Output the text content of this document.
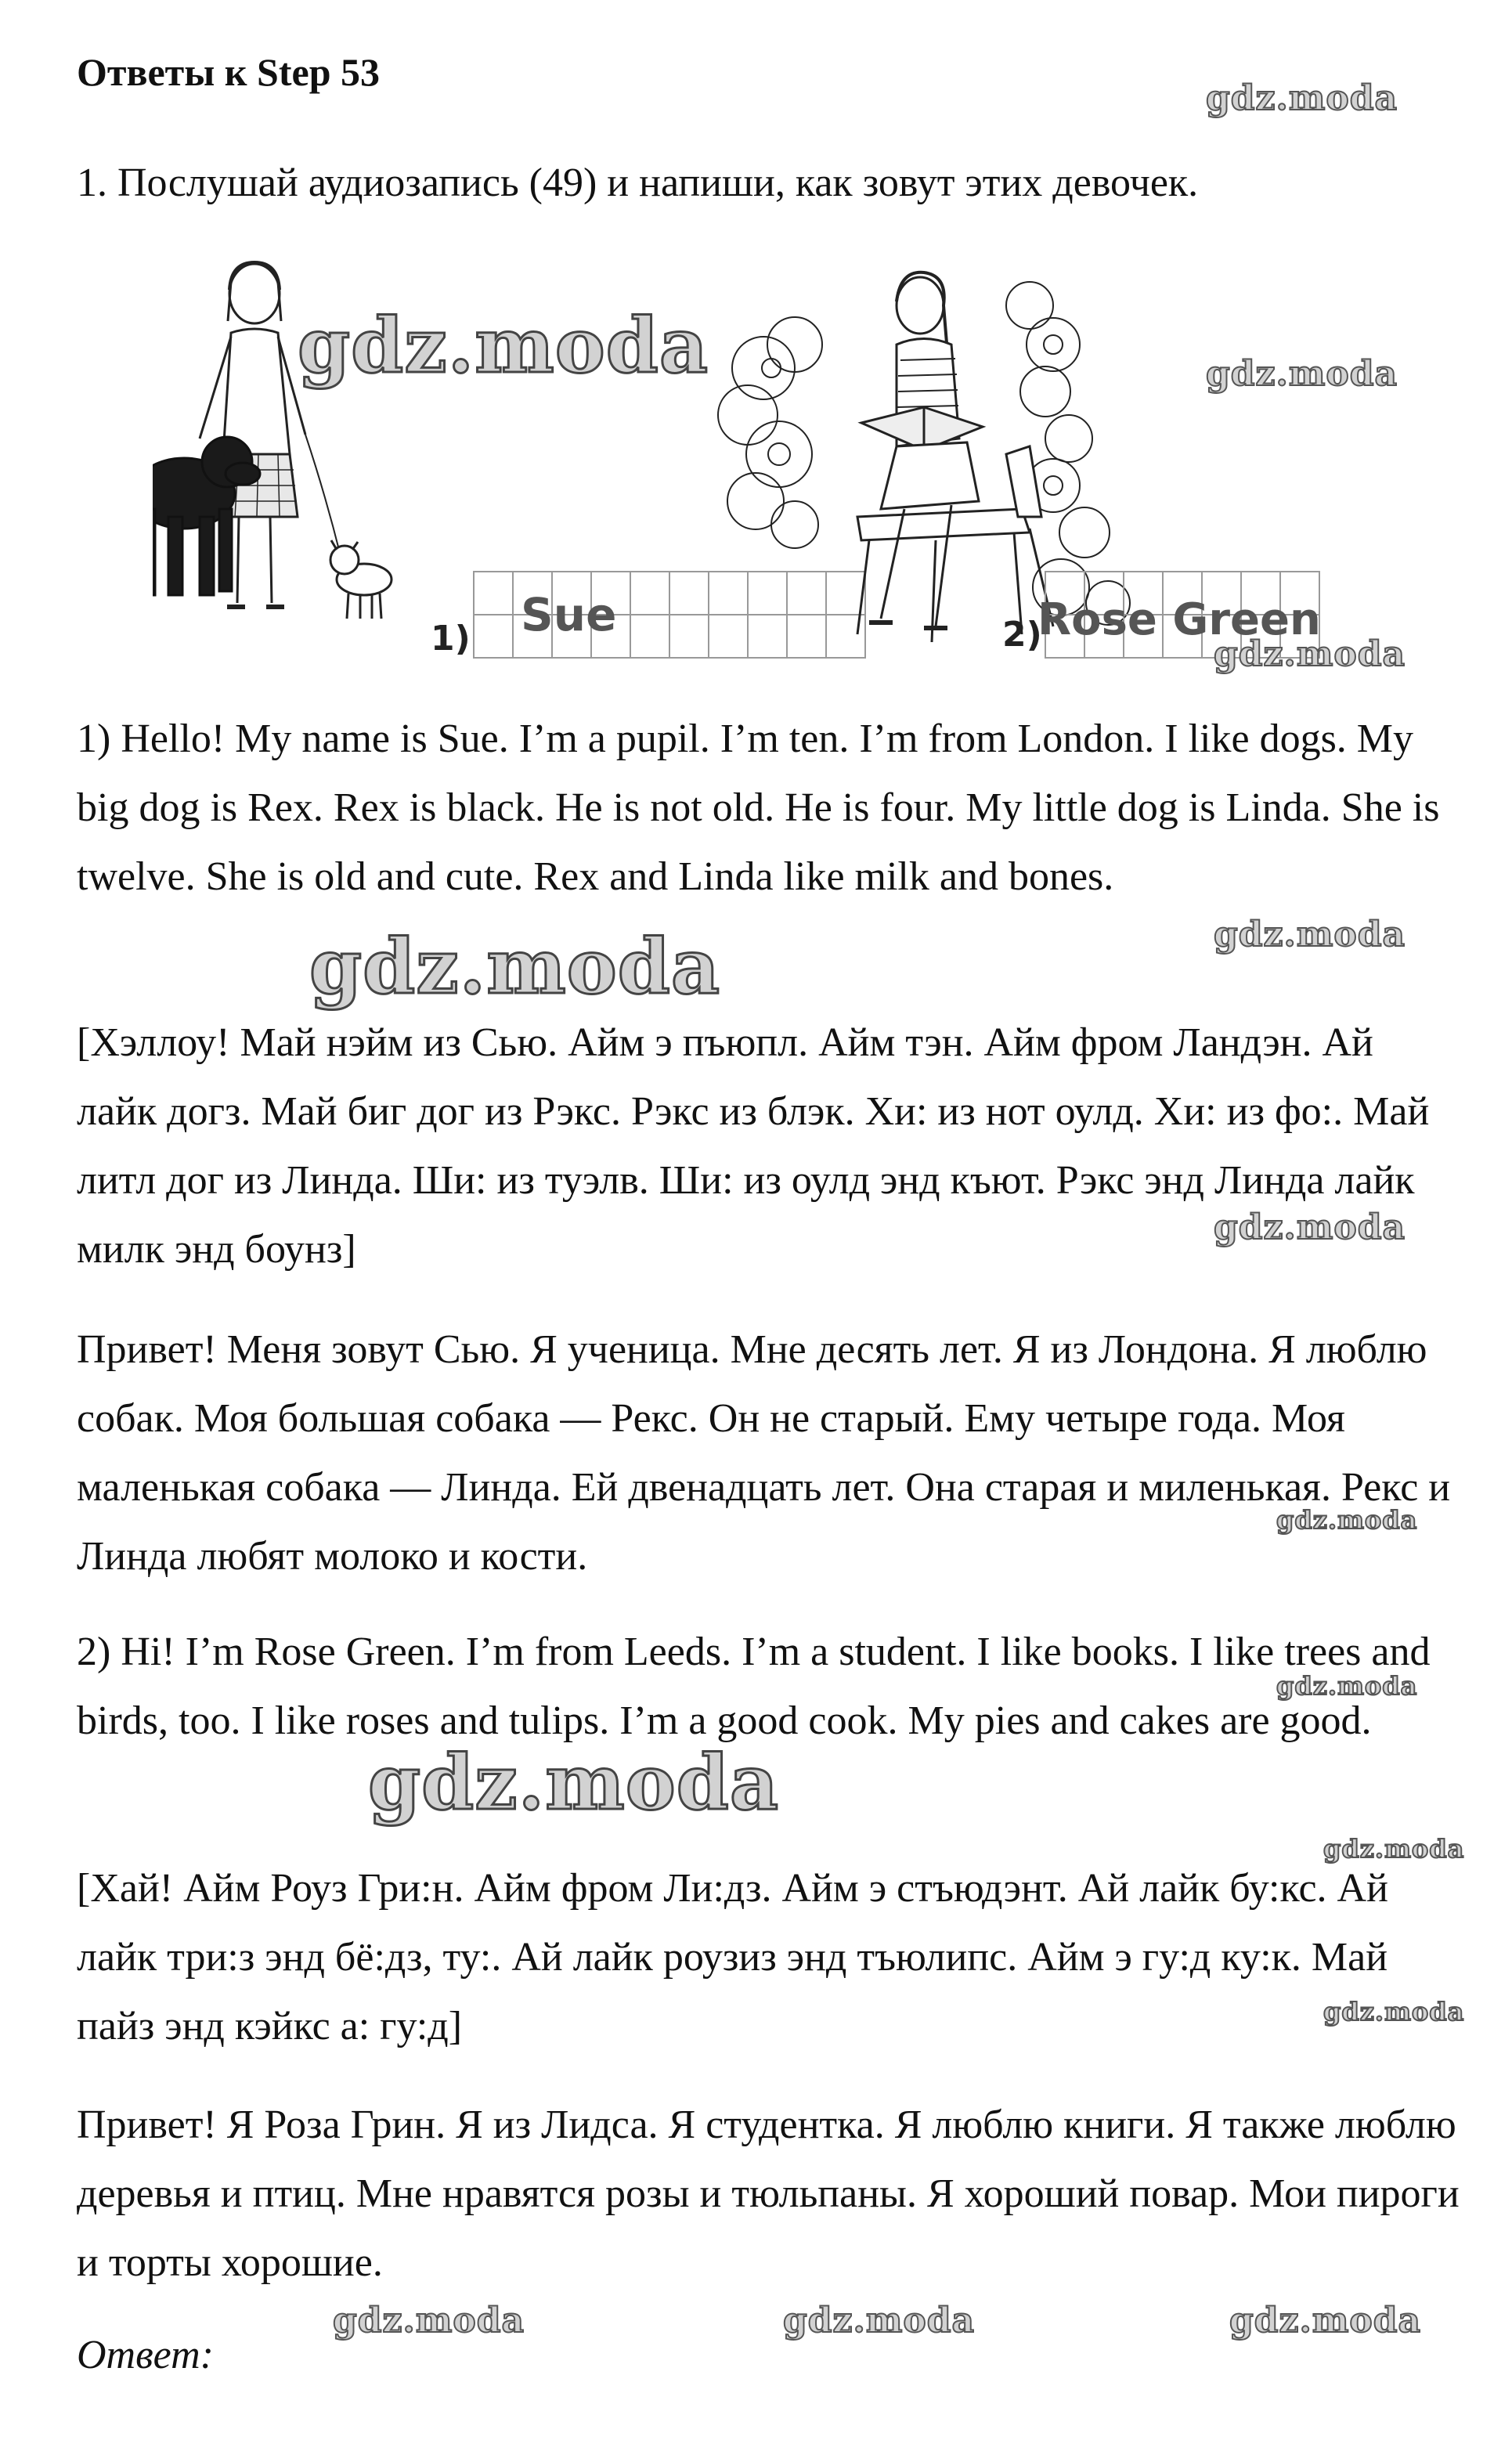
Ответы к Step 53
1. Послушай аудиозапись (49) и напиши, как зовут этих девочек.
1) Sue	2)
Rose Green
1) Hello! My name is Sue. I’m a pupil. I’m ten. I’m from London. I like dogs. My big dog is Rex. Rex is black. He is not old. He is four. My little dog is Linda. She is twelve. She is old and cute. Rex and Linda like milk and bones.
[Хэллоу! Май нэйм из Сью. Айм э пъюпл. Айм тэн. Айм фром Ландэн. Ай лайк догз. Май биг дог из Рэкс. Рэкс из блэк. Хи: из нот оулд. Хи: из фо:. Май литл дог из Линда. Ши: из туэлв. Ши: из оулд энд къют. Рэкс энд Линда лайк милк энд боунз]
Привет! Меня зовут Сью. Я ученица. Мне десять лет. Я из Лондона. Я люблю собак. Моя большая собака — Рекс. Он не старый. Ему четыре года. Моя маленькая собака — Линда. Ей двенадцать лет. Она старая и миленькая. Рекс и Линда любят молоко и кости.
2) Hi! I’m Rose Green. I’m from Leeds. I’m a student. I like books. I like trees and birds, too. I like roses and tulips. I’m a good cook. My pies and cakes are good.
[Хай! Айм Роуз Гри:н. Айм фром Ли:дз. Айм э стъюдэнт. Ай лайк бу:кс. Ай лайк три:з энд бё:дз, ту:. Ай лайк роузиз энд тъюлипс. Айм э гу:д ку:к. Май пайз энд кэйкс а: гу:д]
Привет! Я Роза Грин. Я из Лидса. Я студентка. Я люблю книги. Я также люблю деревья и птиц. Мне нравятся розы и тюльпаны. Я хороший повар. Мои пироги и торты хорошие.
Ответ:
gdz.moda
gdz.moda	gdz.moda
gdz.moda
gdz.moda
gdz.moda
gdz.moda
gdz.moda
gdz.moda
gdz.moda
gdz.moda
gdz.moda
gdz.moda	gdz.moda	gdz.moda
